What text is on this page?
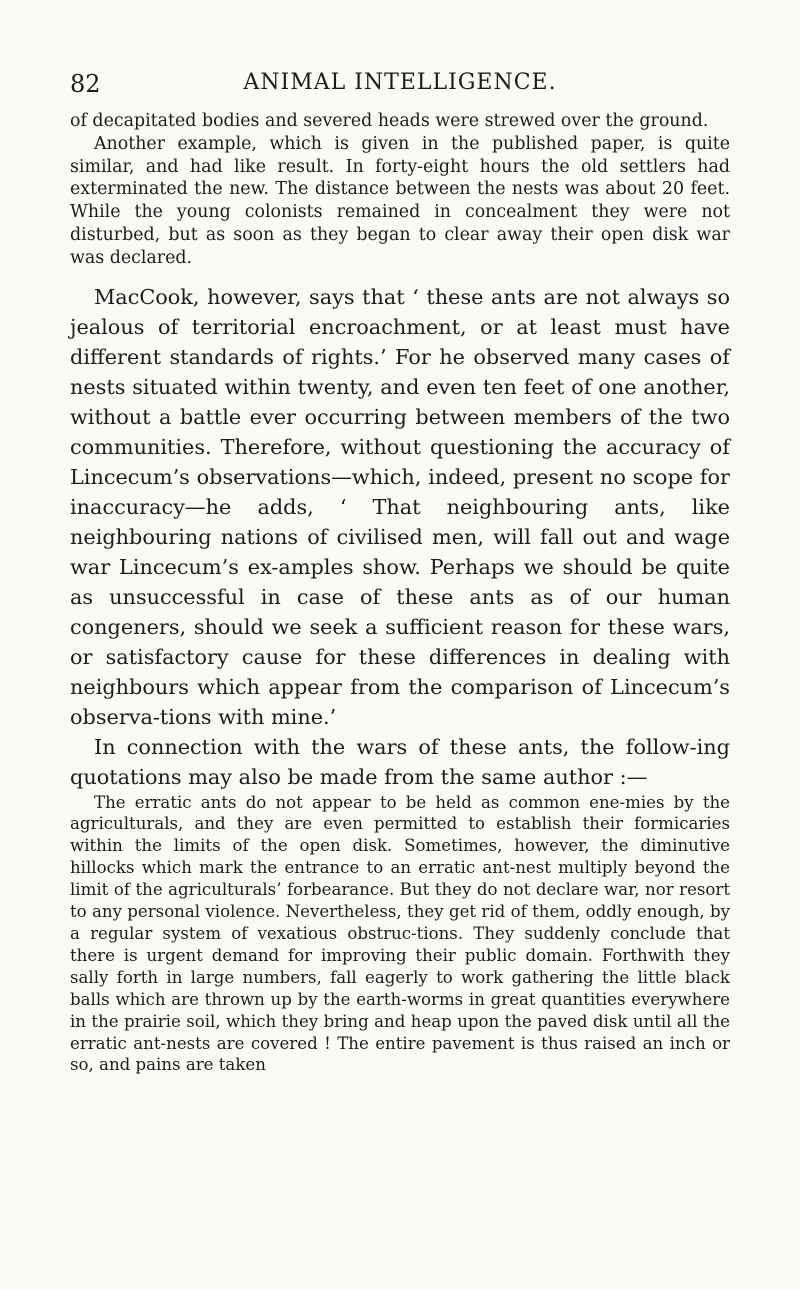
82	ANIMAL INTELLIGENCE.

of decapitated bodies and severed heads were strewed over the ground.

Another example, which is given in the published paper, is quite similar, and had like result. In forty-eight hours the old settlers had exterminated the new. The distance between the nests was about 20 feet. While the young colonists remained in concealment they were not disturbed, but as soon as they began to clear away their open disk war was declared.

MacCook, however, says that ‘ these ants are not always so jealous of territorial encroachment, or at least must have different standards of rights.’ For he observed many cases of nests situated within twenty, and even ten feet of one another, without a battle ever occurring between members of the two communities. Therefore, without questioning the accuracy of Lincecum’s observations—which, indeed, present no scope for inaccuracy—he adds, ‘ That neighbouring ants, like neighbouring nations of civilised men, will fall out and wage war Lincecum’s ex-amples show. Perhaps we should be quite as unsuccessful in case of these ants as of our human congeners, should we seek a sufficient reason for these wars, or satisfactory cause for these differences in dealing with neighbours which appear from the comparison of Lincecum’s observa-tions with mine.’

In connection with the wars of these ants, the follow-ing quotations may also be made from the same author :—

The erratic ants do not appear to be held as common ene-mies by the agriculturals, and they are even permitted to establish their formicaries within the limits of the open disk. Sometimes, however, the diminutive hillocks which mark the entrance to an erratic ant-nest multiply beyond the limit of the agriculturals’ forbearance. But they do not declare war, nor resort to any personal violence. Nevertheless, they get rid of them, oddly enough, by a regular system of vexatious obstruc-tions. They suddenly conclude that there is urgent demand for improving their public domain. Forthwith they sally forth in large numbers, fall eagerly to work gathering the little black balls which are thrown up by the earth-worms in great quantities everywhere in the prairie soil, which they bring and heap upon the paved disk until all the erratic ant-nests are covered ! The entire pavement is thus raised an inch or so, and pains are taken
